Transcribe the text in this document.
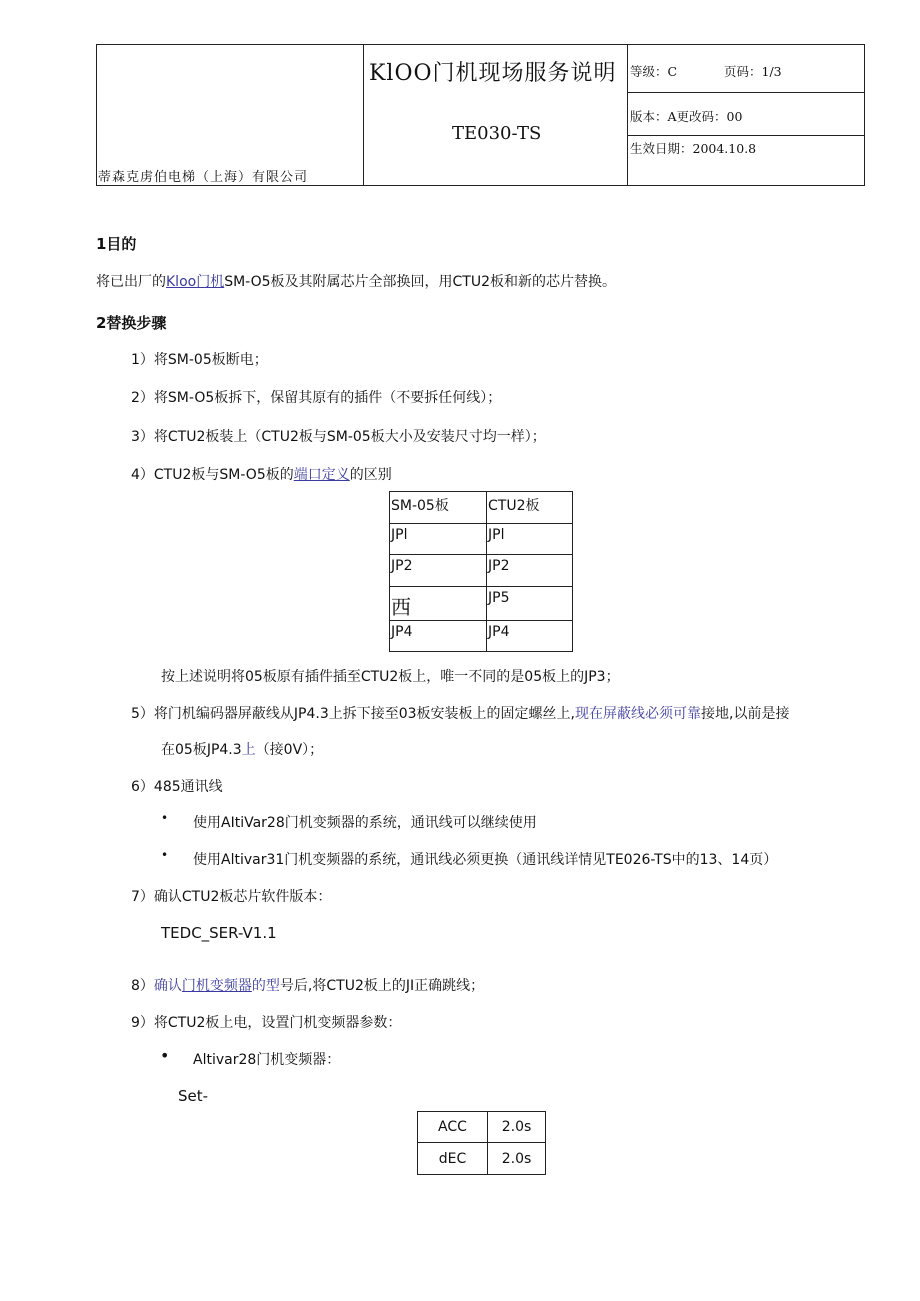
蒂森克虏伯电梯（上海）有限公司
KlOO门机现场服务说明
TE030-TS
等级：C	页码：1/3
版本：A更改码：00
生效日期：2004.10.8
1目的
将已出厂的Kloo门机SM-O5板及其附属芯片全部换回，用CTU2板和新的芯片替换。
2替换步骤
1）将SM-05板断电；
2）将SM-O5板拆下，保留其原有的插件（不要拆任何线）；
3）将CTU2板装上（CTU2板与SM-05板大小及安装尺寸均一样）；
4）CTU2板与SM-O5板的端口定义的区别
SM-05板	CTU2板
JPl	JPl
JP2	JP2
西	JP5
JP4	JP4
按上述说明将05板原有插件插至CTU2板上，唯一不同的是05板上的JP3；
5）将门机编码器屏蔽线从JP4.3上拆下接至03板安装板上的固定螺丝上,现在屏蔽线必须可靠接地,以前是接
在05板JP4.3上（接0V）；
6）485通讯线
• 使用AItiVar28门机变频器的系统，通讯线可以继续使用
• 使用Altivar31门机变频器的系统，通讯线必须更换（通讯线详情见TE026-TS中的13、14页）
7）确认CTU2板芯片软件版本：
TEDC_SER-V1.1
8）确认门机变频器的型号后,将CTU2板上的JI正确跳线；
9）将CTU2板上电，设置门机变频器参数：
• Altivar28门机变频器：
Set-
ACC	2.0s
dEC	2.0s
